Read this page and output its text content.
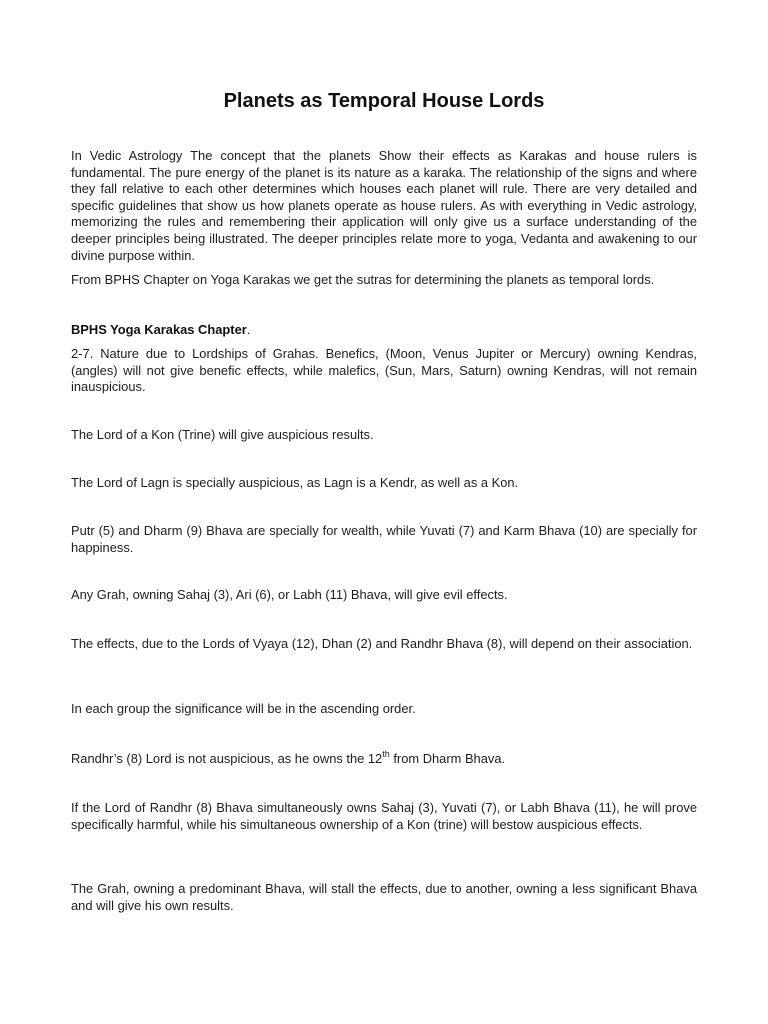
Planets as Temporal House Lords

In Vedic Astrology The concept that the planets Show their effects as Karakas and house rulers is fundamental. The pure energy of the planet is its nature as a karaka. The relationship of the signs and where they fall relative to each other determines which houses each planet will rule. There are very detailed and specific guidelines that show us how planets operate as house rulers. As with everything in Vedic astrology, memorizing the rules and remembering their application will only give us a surface understanding of the deeper principles being illustrated. The deeper principles relate more to yoga, Vedanta and awakening to our divine purpose within.

From BPHS Chapter on Yoga Karakas we get the sutras for determining the planets as temporal lords.

BPHS Yoga Karakas Chapter.

2-7. Nature due to Lordships of Grahas. Benefics, (Moon, Venus Jupiter or Mercury) owning Kendras, (angles) will not give benefic effects, while malefics, (Sun, Mars, Saturn) owning Kendras, will not remain inauspicious.

The Lord of a Kon (Trine) will give auspicious results.

The Lord of Lagn is specially auspicious, as Lagn is a Kendr, as well as a Kon.

Putr (5) and Dharm (9) Bhava are specially for wealth, while Yuvati (7) and Karm Bhava (10) are specially for happiness.

Any Grah, owning Sahaj (3), Ari (6), or Labh (11) Bhava, will give evil effects.

The effects, due to the Lords of Vyaya (12), Dhan (2) and Randhr Bhava (8), will depend on their association.

In each group the significance will be in the ascending order.

Randhr’s (8) Lord is not auspicious, as he owns the 12th from Dharm Bhava.

If the Lord of Randhr (8) Bhava simultaneously owns Sahaj (3), Yuvati (7), or Labh Bhava (11), he will prove specifically harmful, while his simultaneous ownership of a Kon (trine) will bestow auspicious effects.

The Grah, owning a predominant Bhava, will stall the effects, due to another, owning a less significant Bhava and will give his own results.
